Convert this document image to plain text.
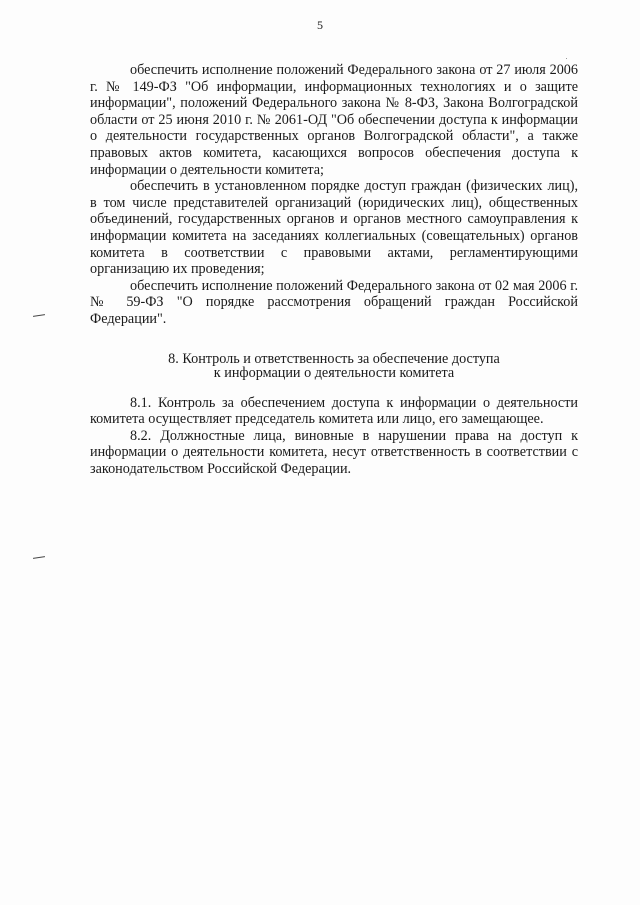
5

обеспечить исполнение положений Федерального закона от 27 июля 2006 г. № 149-ФЗ "Об информации, информационных технологиях и о защите информации", положений Федерального закона № 8-ФЗ, Закона Волгоградской области от 25 июня 2010 г. № 2061-ОД "Об обеспечении доступа к информации о деятельности государственных органов Волгоградской области", а также правовых актов комитета, касающихся вопросов обеспечения доступа к информации о деятельности комитета;

обеспечить в установленном порядке доступ граждан (физических лиц), в том числе представителей организаций (юридических лиц), общественных объединений, государственных органов и органов местного самоуправления к информации комитета на заседаниях коллегиальных (совещательных) органов комитета в соответствии с правовыми актами, регламентирующими организацию их проведения;

обеспечить исполнение положений Федерального закона от 02 мая 2006 г. № 59-ФЗ "О порядке рассмотрения обращений граждан Российской Федерации".

8. Контроль и ответственность за обеспечение доступа
к информации о деятельности комитета

8.1. Контроль за обеспечением доступа к информации о деятельности комитета осуществляет председатель комитета или лицо, его замещающее.

8.2. Должностные лица, виновные в нарушении права на доступ к информации о деятельности комитета, несут ответственность в соответствии с законодательством Российской Федерации.
